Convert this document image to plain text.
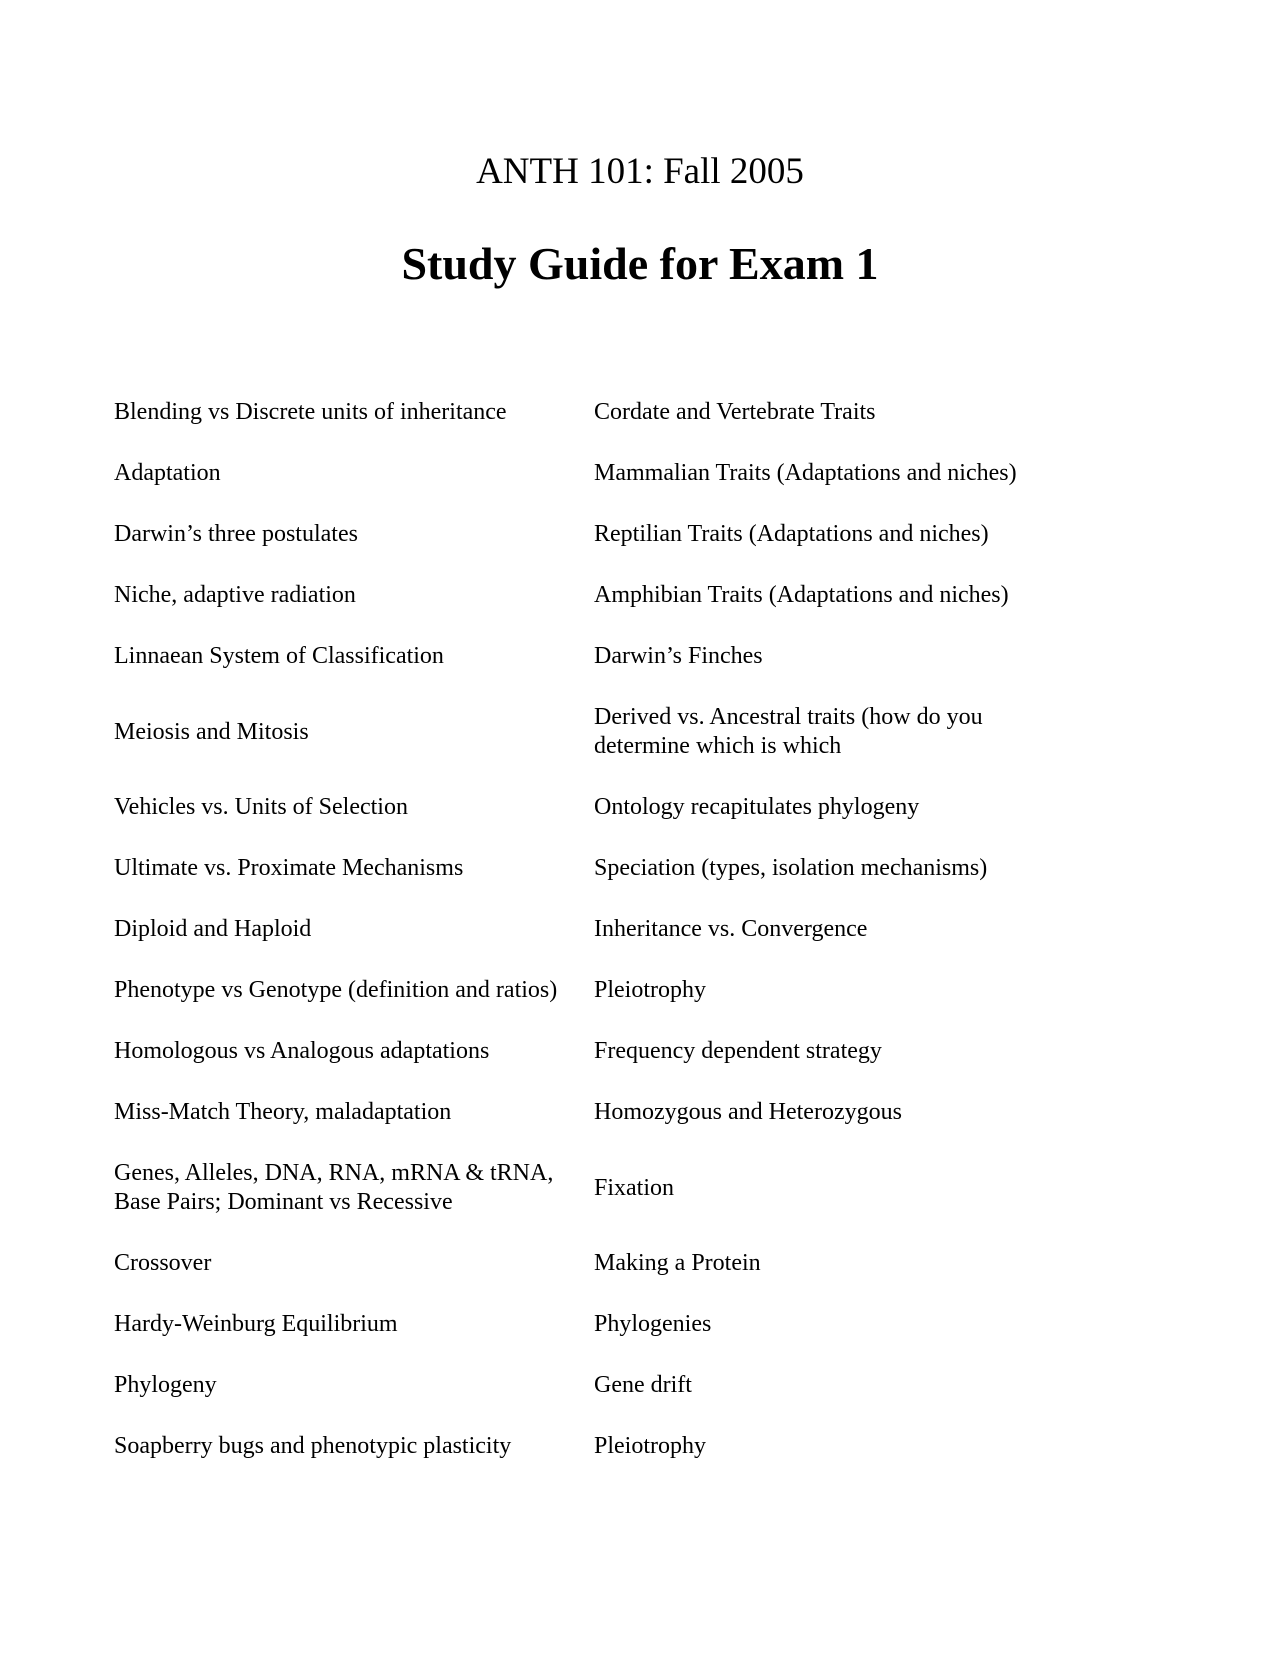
ANTH 101: Fall 2005
Study Guide for Exam 1
Blending vs Discrete units of inheritance	Cordate and Vertebrate Traits
Adaptation	Mammalian Traits (Adaptations and niches)
Darwin’s three postulates	Reptilian Traits (Adaptations and niches)
Niche, adaptive radiation	Amphibian Traits (Adaptations and niches)
Linnaean System of Classification	Darwin’s Finches
Meiosis and Mitosis	Derived vs. Ancestral traits (how do you determine which is which
Vehicles vs. Units of Selection	Ontology recapitulates phylogeny
Ultimate vs. Proximate Mechanisms	Speciation (types, isolation mechanisms)
Diploid and Haploid	Inheritance vs. Convergence
Phenotype vs Genotype (definition and ratios)	Pleiotrophy
Homologous vs Analogous adaptations	Frequency dependent strategy
Miss-Match Theory, maladaptation	Homozygous and Heterozygous
Genes, Alleles, DNA, RNA, mRNA & tRNA, Base Pairs; Dominant vs Recessive	Fixation
Crossover	Making a Protein
Hardy-Weinburg Equilibrium	Phylogenies
Phylogeny	Gene drift
Soapberry bugs and phenotypic plasticity	Pleiotrophy
